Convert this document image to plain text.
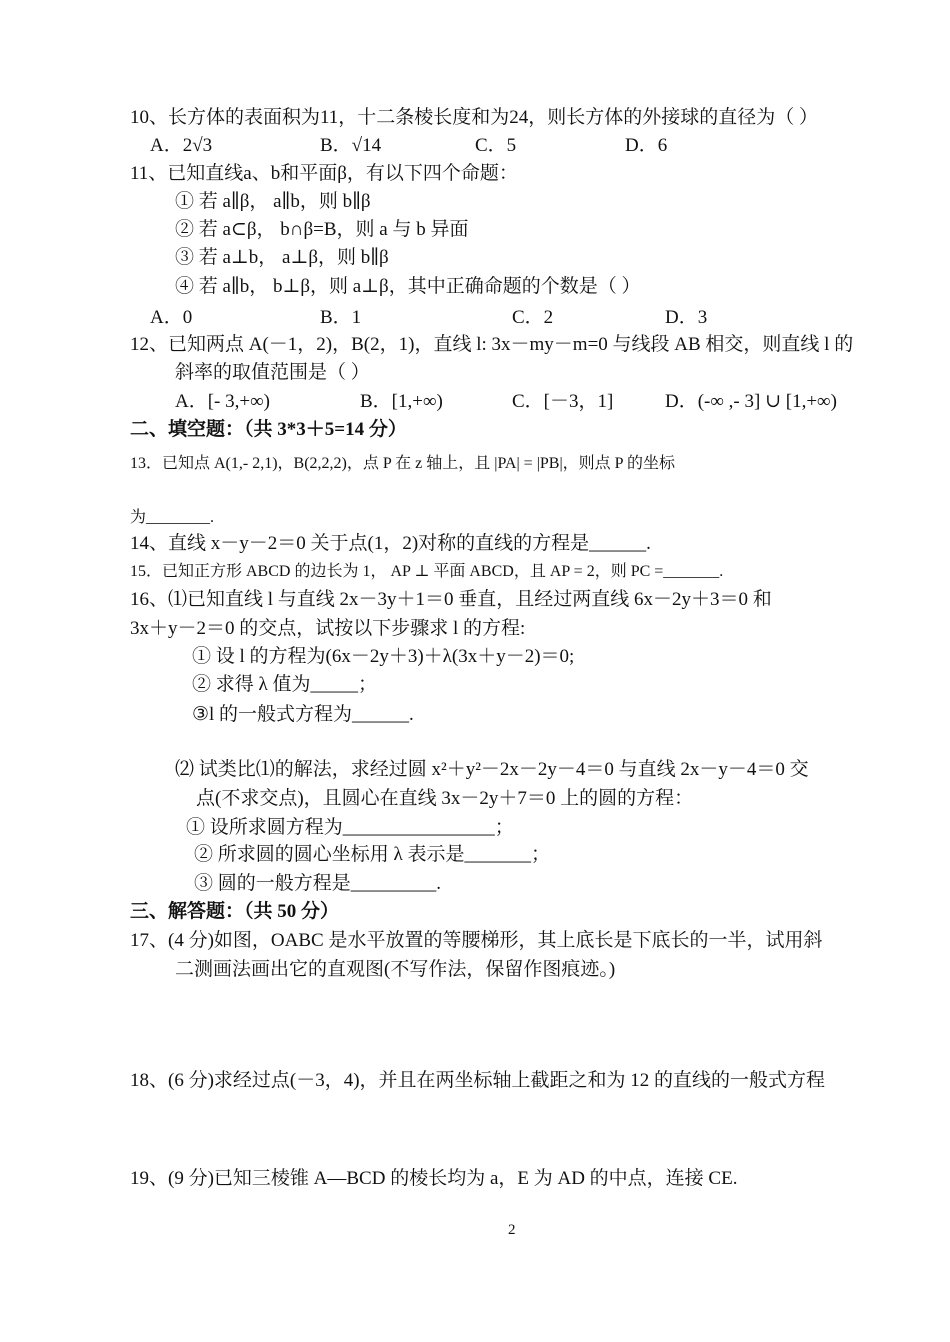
10、长方体的表面积为11，十二条棱长度和为24，则长方体的外接球的直径为（ ）
A．2√3	B．√14	C．5	D．6
11、已知直线a、b和平面β，有以下四个命题：
① 若 a∥β， a∥b，则 b∥β
② 若 a⊂β， b∩β=B，则 a 与 b 异面
③ 若 a⊥b， a⊥β，则 b∥β
④ 若 a∥b， b⊥β，则 a⊥β，其中正确命题的个数是（ ）
A．0	B．1	C．2	D．3
12、已知两点 A(－1，2)，B(2，1)，直线 l: 3x－my－m=0 与线段 AB 相交，则直线 l 的
斜率的取值范围是（ ）
A．[- 3,+∞)	B．[1,+∞)	C．[－3，1]	D．(-∞ ,- 3] ∪ [1,+∞)
二、填空题：（共 3*3＋5=14 分）
13．已知点 A(1,- 2,1)，B(2,2,2)，点 P 在 z 轴上，且 |PA| = |PB|，则点 P 的坐标
为________.
14、直线 x－y－2＝0 关于点(1，2)对称的直线的方程是______.
15．已知正方形 ABCD 的边长为 1， AP ⊥ 平面 ABCD，且 AP = 2，则 PC =_______.
16、⑴已知直线 l 与直线 2x－3y＋1＝0 垂直，且经过两直线 6x－2y＋3＝0 和
3x＋y－2＝0 的交点，试按以下步骤求 l 的方程:
① 设 l 的方程为(6x－2y＋3)＋λ(3x＋y－2)＝0;
② 求得 λ 值为_____；
③l 的一般式方程为______.
⑵ 试类比⑴的解法，求经过圆 x²＋y²－2x－2y－4＝0 与直线 2x－y－4＝0 交
点(不求交点)，且圆心在直线 3x－2y＋7＝0 上的圆的方程：
① 设所求圆方程为________________；
② 所求圆的圆心坐标用 λ 表示是_______；
③ 圆的一般方程是_________.
三、解答题：（共 50 分）
17、(4 分)如图，OABC 是水平放置的等腰梯形，其上底长是下底长的一半，试用斜
二测画法画出它的直观图(不写作法，保留作图痕迹。)
18、(6 分)求经过点(－3，4)，并且在两坐标轴上截距之和为 12 的直线的一般式方程
19、(9 分)已知三棱锥 A—BCD 的棱长均为 a，E 为 AD 的中点，连接 CE.
2
